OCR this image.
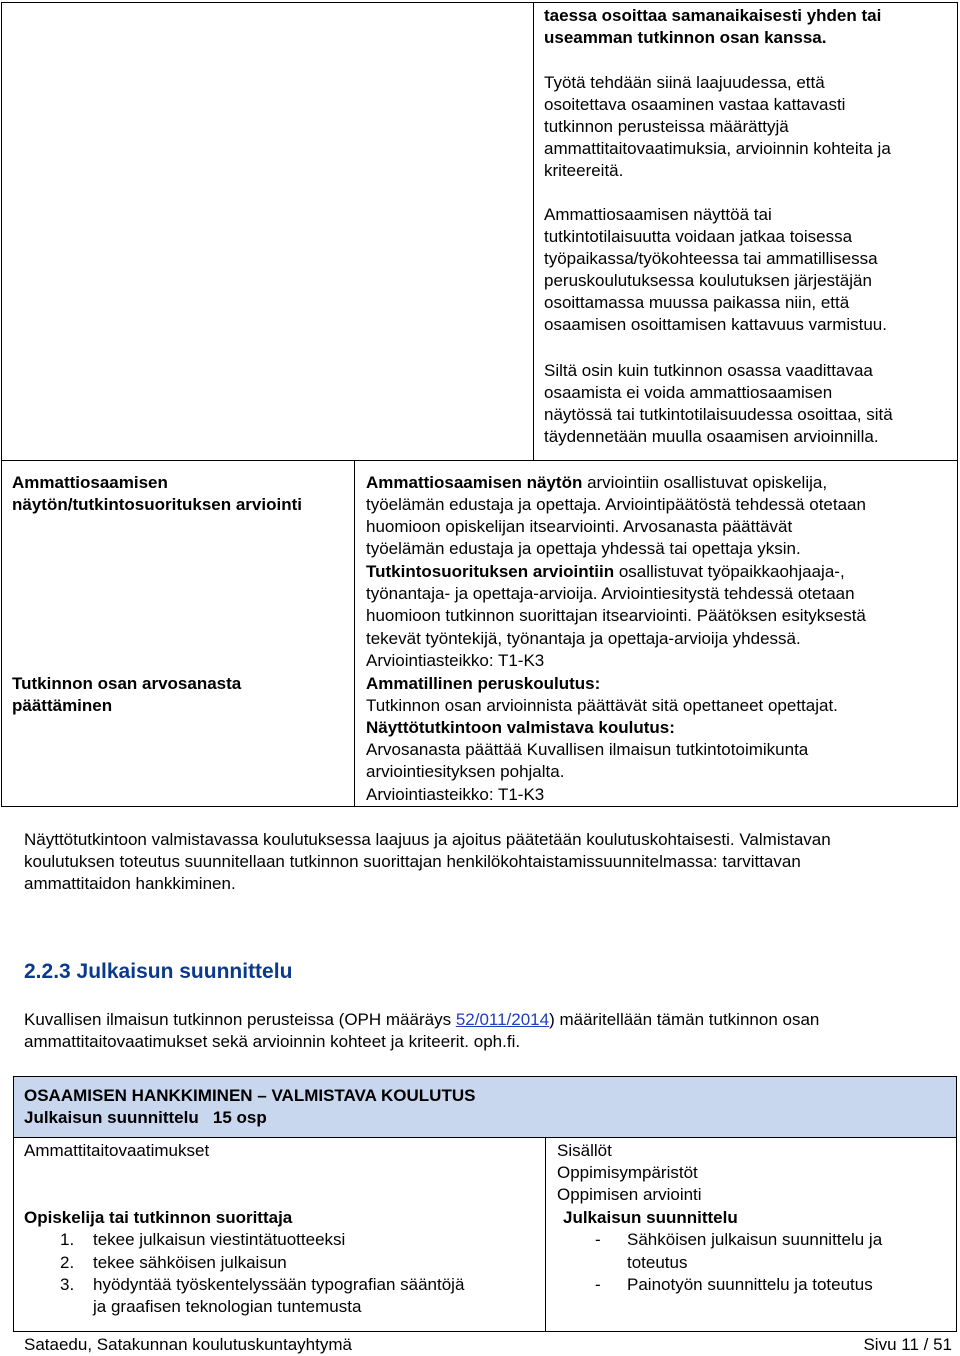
taessa osoittaa samanaikaisesti yhden tai
useamman tutkinnon osan kanssa.
Työtä tehdään siinä laajuudessa, että
osoitettava osaaminen vastaa kattavasti
tutkinnon perusteissa määrättyjä
ammattitaitovaatimuksia, arvioinnin kohteita ja
kriteereitä.
Ammattiosaamisen näyttöä tai
tutkintotilaisuutta voidaan jatkaa toisessa
työpaikassa/työkohteessa tai ammatillisessa
peruskoulutuksessa koulutuksen järjestäjän
osoittamassa muussa paikassa niin, että
osaamisen osoittamisen kattavuus varmistuu.
Siltä osin kuin tutkinnon osassa vaadittavaa
osaamista ei voida ammattiosaamisen
näytössä tai tutkintotilaisuudessa osoittaa, sitä
täydennetään muulla osaamisen arvioinnilla.
Ammattiosaamisen
näytön/tutkintosuorituksen arviointi
Tutkinnon osan arvosanasta
päättäminen
Ammattiosaamisen näytön arviointiin osallistuvat opiskelija,
työelämän edustaja ja opettaja. Arviointipäätöstä tehdessä otetaan
huomioon opiskelijan itsearviointi. Arvosanasta päättävät
työelämän edustaja ja opettaja yhdessä tai opettaja yksin.
Tutkintosuorituksen arviointiin osallistuvat työpaikkaohjaaja-,
työnantaja- ja opettaja-arvioija. Arviointiesitystä tehdessä otetaan
huomioon tutkinnon suorittajan itsearviointi. Päätöksen esityksestä
tekevät työntekijä, työnantaja ja opettaja-arvioija yhdessä.
Arviointiasteikko: T1-K3
Ammatillinen peruskoulutus:
Tutkinnon osan arvioinnista päättävät sitä opettaneet opettajat.
Näyttötutkintoon valmistava koulutus:
Arvosanasta päättää Kuvallisen ilmaisun tutkintotoimikunta
arviointiesityksen pohjalta.
Arviointiasteikko: T1-K3
Näyttötutkintoon valmistavassa koulutuksessa laajuus ja ajoitus päätetään koulutuskohtaisesti. Valmistavan
koulutuksen toteutus suunnitellaan tutkinnon suorittajan henkilökohtaistamissuunnitelmassa: tarvittavan
ammattitaidon hankkiminen.
2.2.3 Julkaisun suunnittelu
Kuvallisen ilmaisun tutkinnon perusteissa (OPH määräys 52/011/2014) määritellään tämän tutkinnon osan
ammattitaitovaatimukset sekä arvioinnin kohteet ja kriteerit. oph.fi.
OSAAMISEN HANKKIMINEN – VALMISTAVA KOULUTUS
Julkaisun suunnittelu   15 osp
Ammattitaitovaatimukset	Sisällöt
Oppimisympäristöt
Oppimisen arviointi
Opiskelija tai tutkinnon suorittaja
1. tekee julkaisun viestintätuotteeksi
2. tekee sähköisen julkaisun
3. hyödyntää työskentelyssään typografian sääntöjä
ja graafisen teknologian tuntemusta
Julkaisun suunnittelu
- Sähköisen julkaisun suunnittelu ja
toteutus
- Painotyön suunnittelu ja toteutus
Sataedu, Satakunnan koulutuskuntayhtymä	Sivu 11 / 51
